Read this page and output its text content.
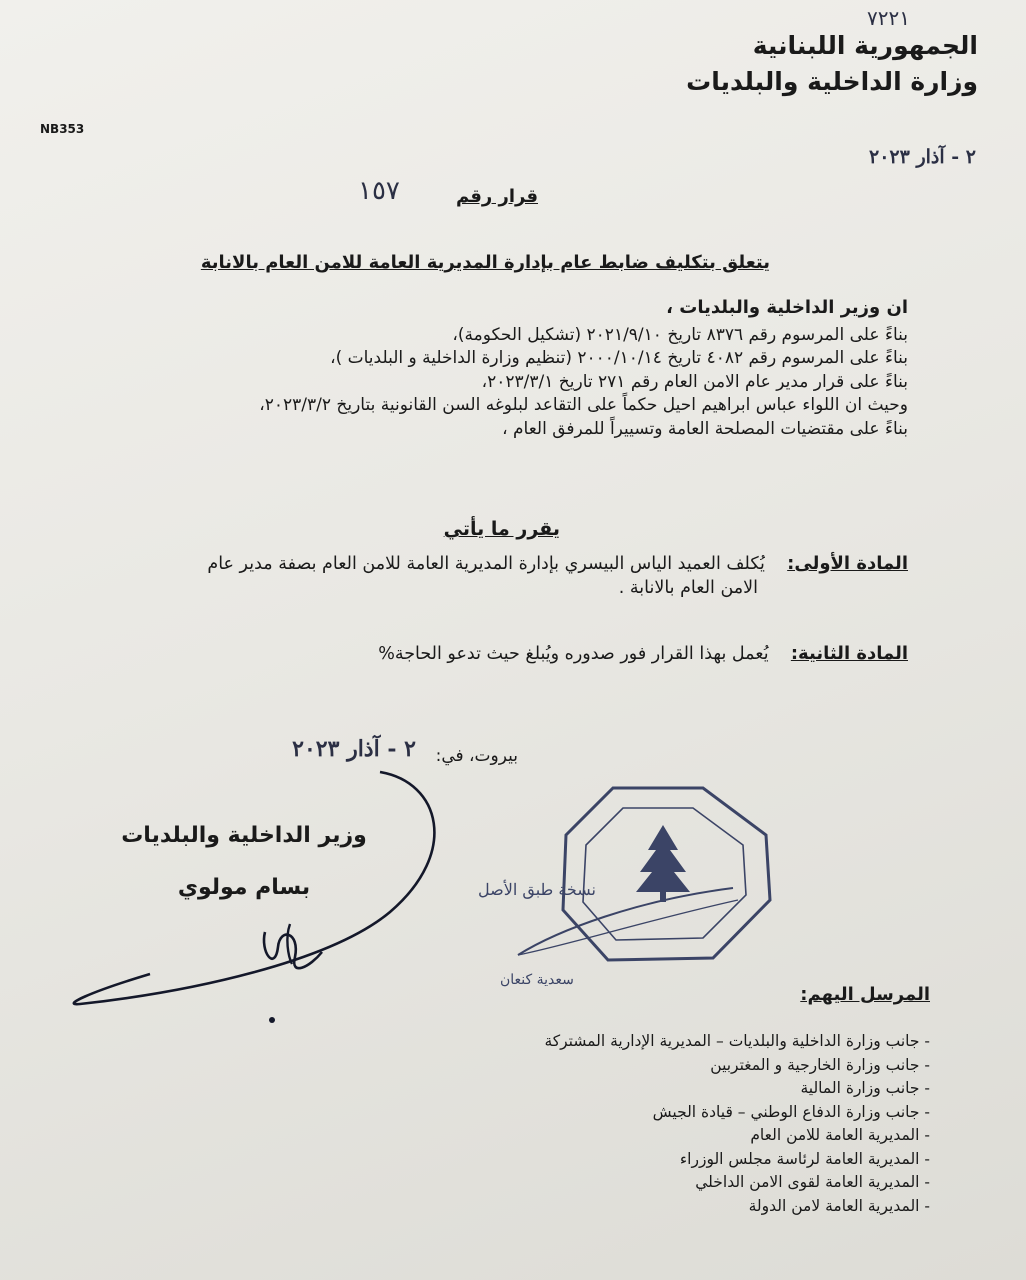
٧٢٢١
الجمهورية اللبنانية
وزارة الداخلية والبلديات
NB353
٢ - آذار ٢٠٢٣
قرار رقم
١٥٧
يتعلق بتكليف ضابط عام بإدارة المديرية العامة للامن العام بالانابة
ان وزير الداخلية والبلديات ،
بناءً على المرسوم رقم ٨٣٧٦ تاريخ ٢٠٢١/٩/١٠ (تشكيل الحكومة)،
بناءً على المرسوم رقم ٤٠٨٢ تاريخ ٢٠٠٠/١٠/١٤ (تنظيم وزارة الداخلية و البلديات )،
بناءً على قرار مدير عام الامن العام رقم ٢٧١ تاريخ ٢٠٢٣/٣/١،
وحيث ان اللواء عباس ابراهيم احيل حكماً على التقاعد لبلوغه السن القانونية بتاريخ ٢٠٢٣/٣/٢،
بناءً على مقتضيات المصلحة العامة وتسييراً للمرفق العام ،
يقرر ما يأتي
المادة الأولى:    يُكلف العميد الياس البيسري بإدارة المديرية العامة للامن العام بصفة مدير عام
الامن العام بالانابة .
المادة الثانية:    يُعمل بهذا القرار فور صدوره ويُبلغ حيث تدعو الحاجة%
بيروت، في:
٢ - آذار ٢٠٢٣
وزير الداخلية والبلديات
بسام مولوي	نسخة طبق الأصل
سعدية كنعان
المرسل اليهم:
- جانب وزارة الداخلية والبلديات – المديرية الإدارية المشتركة
- جانب وزارة الخارجية و المغتربين
- جانب وزارة المالية
- جانب وزارة الدفاع الوطني – قيادة الجيش
- المديرية العامة للامن العام
- المديرية العامة لرئاسة مجلس الوزراء
- المديرية العامة لقوى الامن الداخلي
- المديرية العامة لامن الدولة
